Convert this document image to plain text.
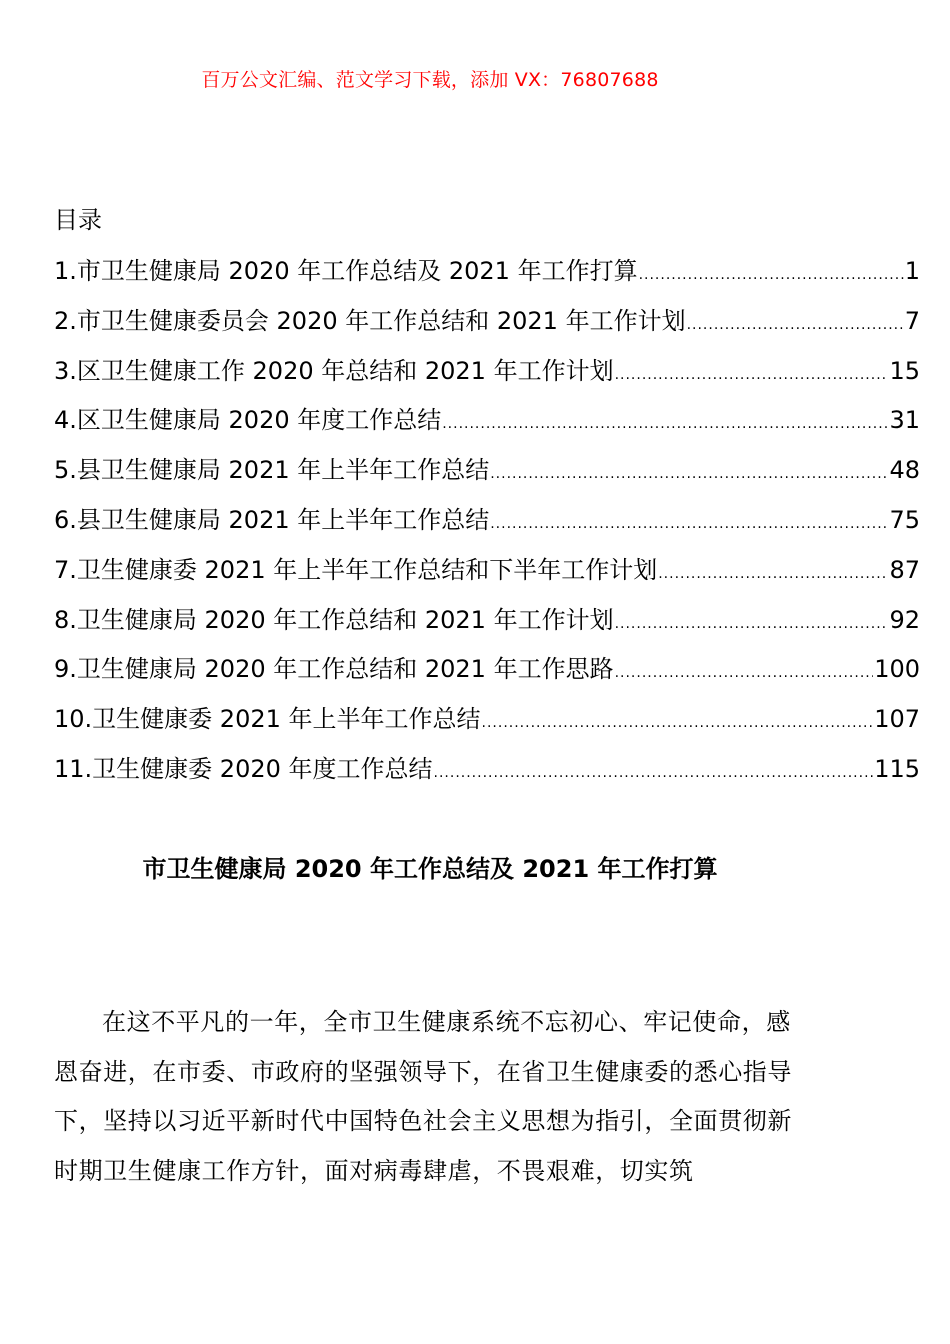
百万公文汇编、范文学习下载，添加 VX：76807688
目录
1.市卫生健康局 2020 年工作总结及 2021 年工作打算 .....	1
2.市卫生健康委员会 2020 年工作总结和 2021 年工作计划 .....	7
3.区卫生健康工作 2020 年总结和 2021 年工作计划 .....	15
4.区卫生健康局 2020 年度工作总结 .....	31
5.县卫生健康局 2021 年上半年工作总结 .....	48
6.县卫生健康局 2021 年上半年工作总结 .....	75
7.卫生健康委 2021 年上半年工作总结和下半年工作计划 .....	87
8.卫生健康局 2020 年工作总结和 2021 年工作计划 .....	92
9.卫生健康局 2020 年工作总结和 2021 年工作思路 .....	100
10.卫生健康委 2021 年上半年工作总结 .....	107
11.卫生健康委 2020 年度工作总结 .....	115
市卫生健康局 2020 年工作总结及 2021 年工作打算

在这不平凡的一年，全市卫生健康系统不忘初心、牢记使命，感恩奋进，在市委、市政府的坚强领导下，在省卫生健康委的悉心指导下，坚持以习近平新时代中国特色社会主义思想为指引，全面贯彻新时期卫生健康工作方针，面对病毒肆虐，不畏艰难，切实筑
